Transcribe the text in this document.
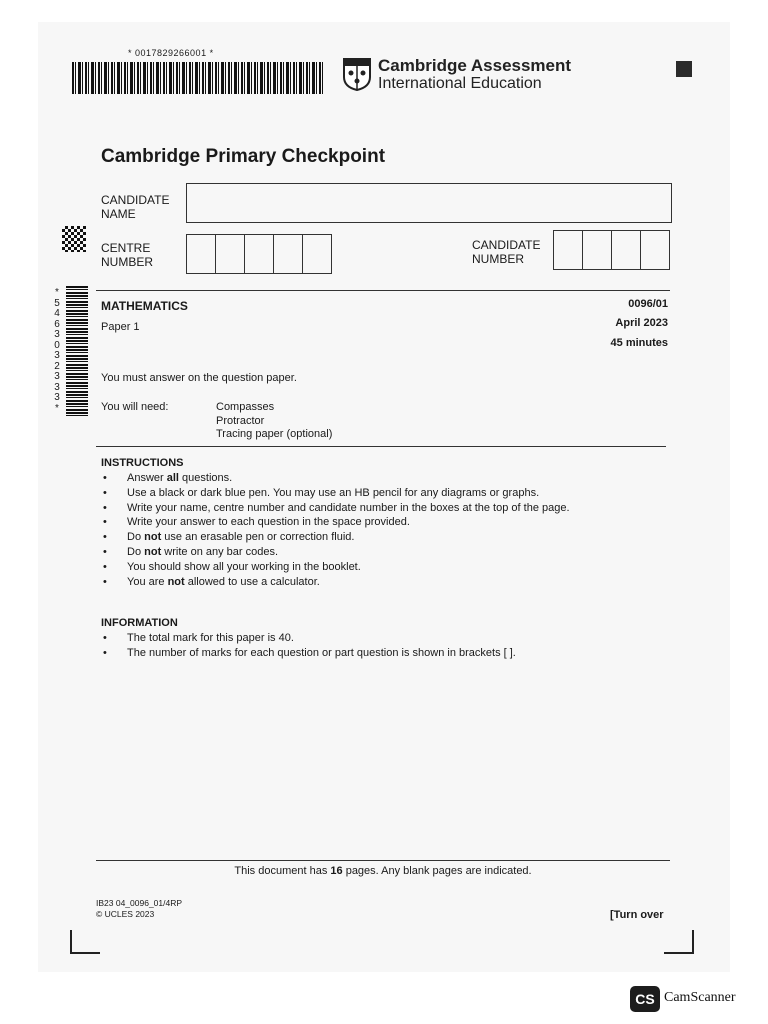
* 0017829266001 *
Cambridge Assessment
International Education
Cambridge Primary Checkpoint
CANDIDATE
NAME
CENTRE
NUMBER
CANDIDATE
NUMBER
*
5
4
6
3
0
3
2
3
3
3
*
MATHEMATICS
Paper 1
0096/01
April 2023
45 minutes
You must answer on the question paper.
You will need:	Compasses
Protractor
Tracing paper (optional)
INSTRUCTIONS
• Answer all questions.
• Use a black or dark blue pen. You may use an HB pencil for any diagrams or graphs.
• Write your name, centre number and candidate number in the boxes at the top of the page.
• Write your answer to each question in the space provided.
• Do not use an erasable pen or correction fluid.
• Do not write on any bar codes.
• You should show all your working in the booklet.
• You are not allowed to use a calculator.
INFORMATION
• The total mark for this paper is 40.
• The number of marks for each question or part question is shown in brackets [ ].
This document has 16 pages. Any blank pages are indicated.
IB23 04_0096_01/4RP
© UCLES 2023	[Turn over
CS CamScanner
